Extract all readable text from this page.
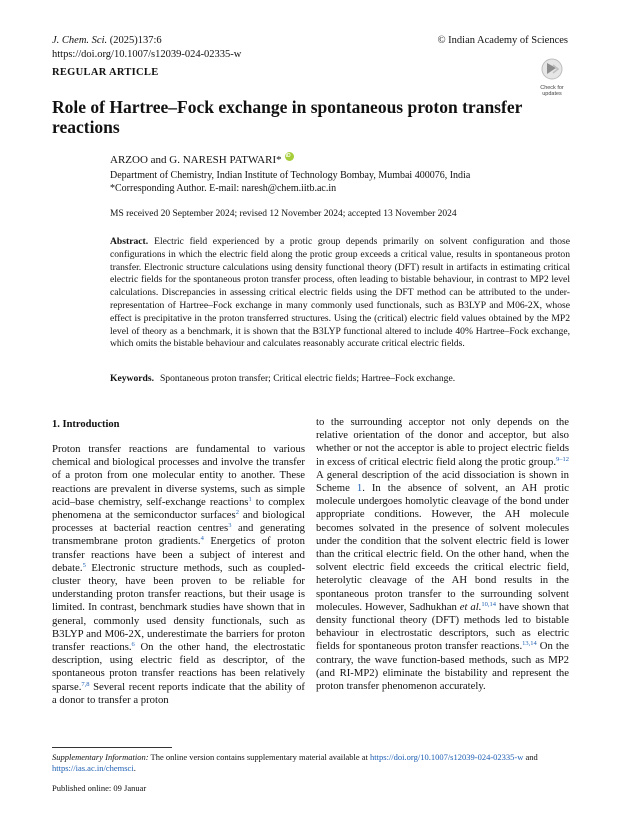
J. Chem. Sci. (2025)137:6
https://doi.org/10.1007/s12039-024-02335-w
© Indian Academy of Sciences
REGULAR ARTICLE
Check for
updates
Role of Hartree–Fock exchange in spontaneous proton transfer reactions
ARZOO and G. NARESH PATWARI*iD
Department of Chemistry, Indian Institute of Technology Bombay, Mumbai 400076, India
*Corresponding Author. E-mail: naresh@chem.iitb.ac.in
MS received 20 September 2024; revised 12 November 2024; accepted 13 November 2024
Abstract. Electric field experienced by a protic group depends primarily on solvent configuration and those configurations in which the electric field along the protic group exceeds a critical value, results in spontaneous proton transfer. Electronic structure calculations using density functional theory (DFT) result in artifacts in estimating critical electric fields for the spontaneous proton transfer process, often leading to bistable behaviour, in contrast to MP2 level calculations. Discrepancies in assessing critical electric fields using the DFT method can be attributed to the under-representation of Hartree–Fock exchange in many commonly used functionals, such as B3LYP and M06-2X, whose effect is precipitative in the proton transferred structures. Using the (critical) electric field values obtained by the MP2 level of theory as a benchmark, it is shown that the B3LYP functional altered to include 40% Hartree–Fock exchange, which omits the bistable behaviour and calculates reasonably accurate critical electric fields.
Keywords. Spontaneous proton transfer; Critical electric fields; Hartree–Fock exchange.
1. Introduction

Proton transfer reactions are fundamental to various chemical and biological processes and involve the transfer of a proton from one molecular entity to another. These reactions are prevalent in diverse systems, such as simple acid–base chemistry, self-exchange reactions$^1$ to complex phenomena at the semiconductor surfaces$^2$ and biological processes at bacterial reaction centres$^3$ and generating transmembrane proton gradients.$^4$ Energetics of proton transfer reactions have been a subject of interest and debate.$^5$ Electronic structure methods, such as coupled-cluster theory, have been proven to be reliable for understanding proton transfer reactions, but their usage is limited. In contrast, benchmark studies have shown that in general, commonly used density functionals, such as B3LYP and M06-2X, underestimate the barriers for proton transfer reactions.$^6$ On the other hand, the electrostatic description, using electric field as descriptor, of the spontaneous proton transfer reactions has been relatively sparse.$^{7,8}$ Several recent reports indicate that the ability of a donor to transfer a proton

to the surrounding acceptor not only depends on the relative orientation of the donor and acceptor, but also whether or not the acceptor is able to project electric fields in excess of critical electric field along the protic group.$^{9-12}$ A general description of the acid dissociation is shown in Scheme 1. In the absence of solvent, an AH protic molecule undergoes homolytic cleavage of the bond under appropriate conditions. However, the AH molecule becomes solvated in the presence of solvent molecules under the condition that the solvent electric field is lower than the critical electric field. On the other hand, when the solvent electric field exceeds the critical electric field, heterolytic cleavage of the AH bond results in the spontaneous proton transfer to the surrounding solvent molecules. However, Sadhukhan et al.$^{10,14}$ have shown that density functional theory (DFT) methods led to bistable behaviour in electrostatic descriptors, such as electric fields for spontaneous proton transfer reactions.$^{13,14}$ On the contrary, the wave function-based methods, such as MP2 (and RI-MP2) eliminate the bistability and represent the proton transfer phenomenon accurately.

Supplementary Information: The online version contains supplementary material available at https://doi.org/10.1007/s12039-024-02335-w and https://ias.ac.in/chemsci.
Published online: 09 Januar
